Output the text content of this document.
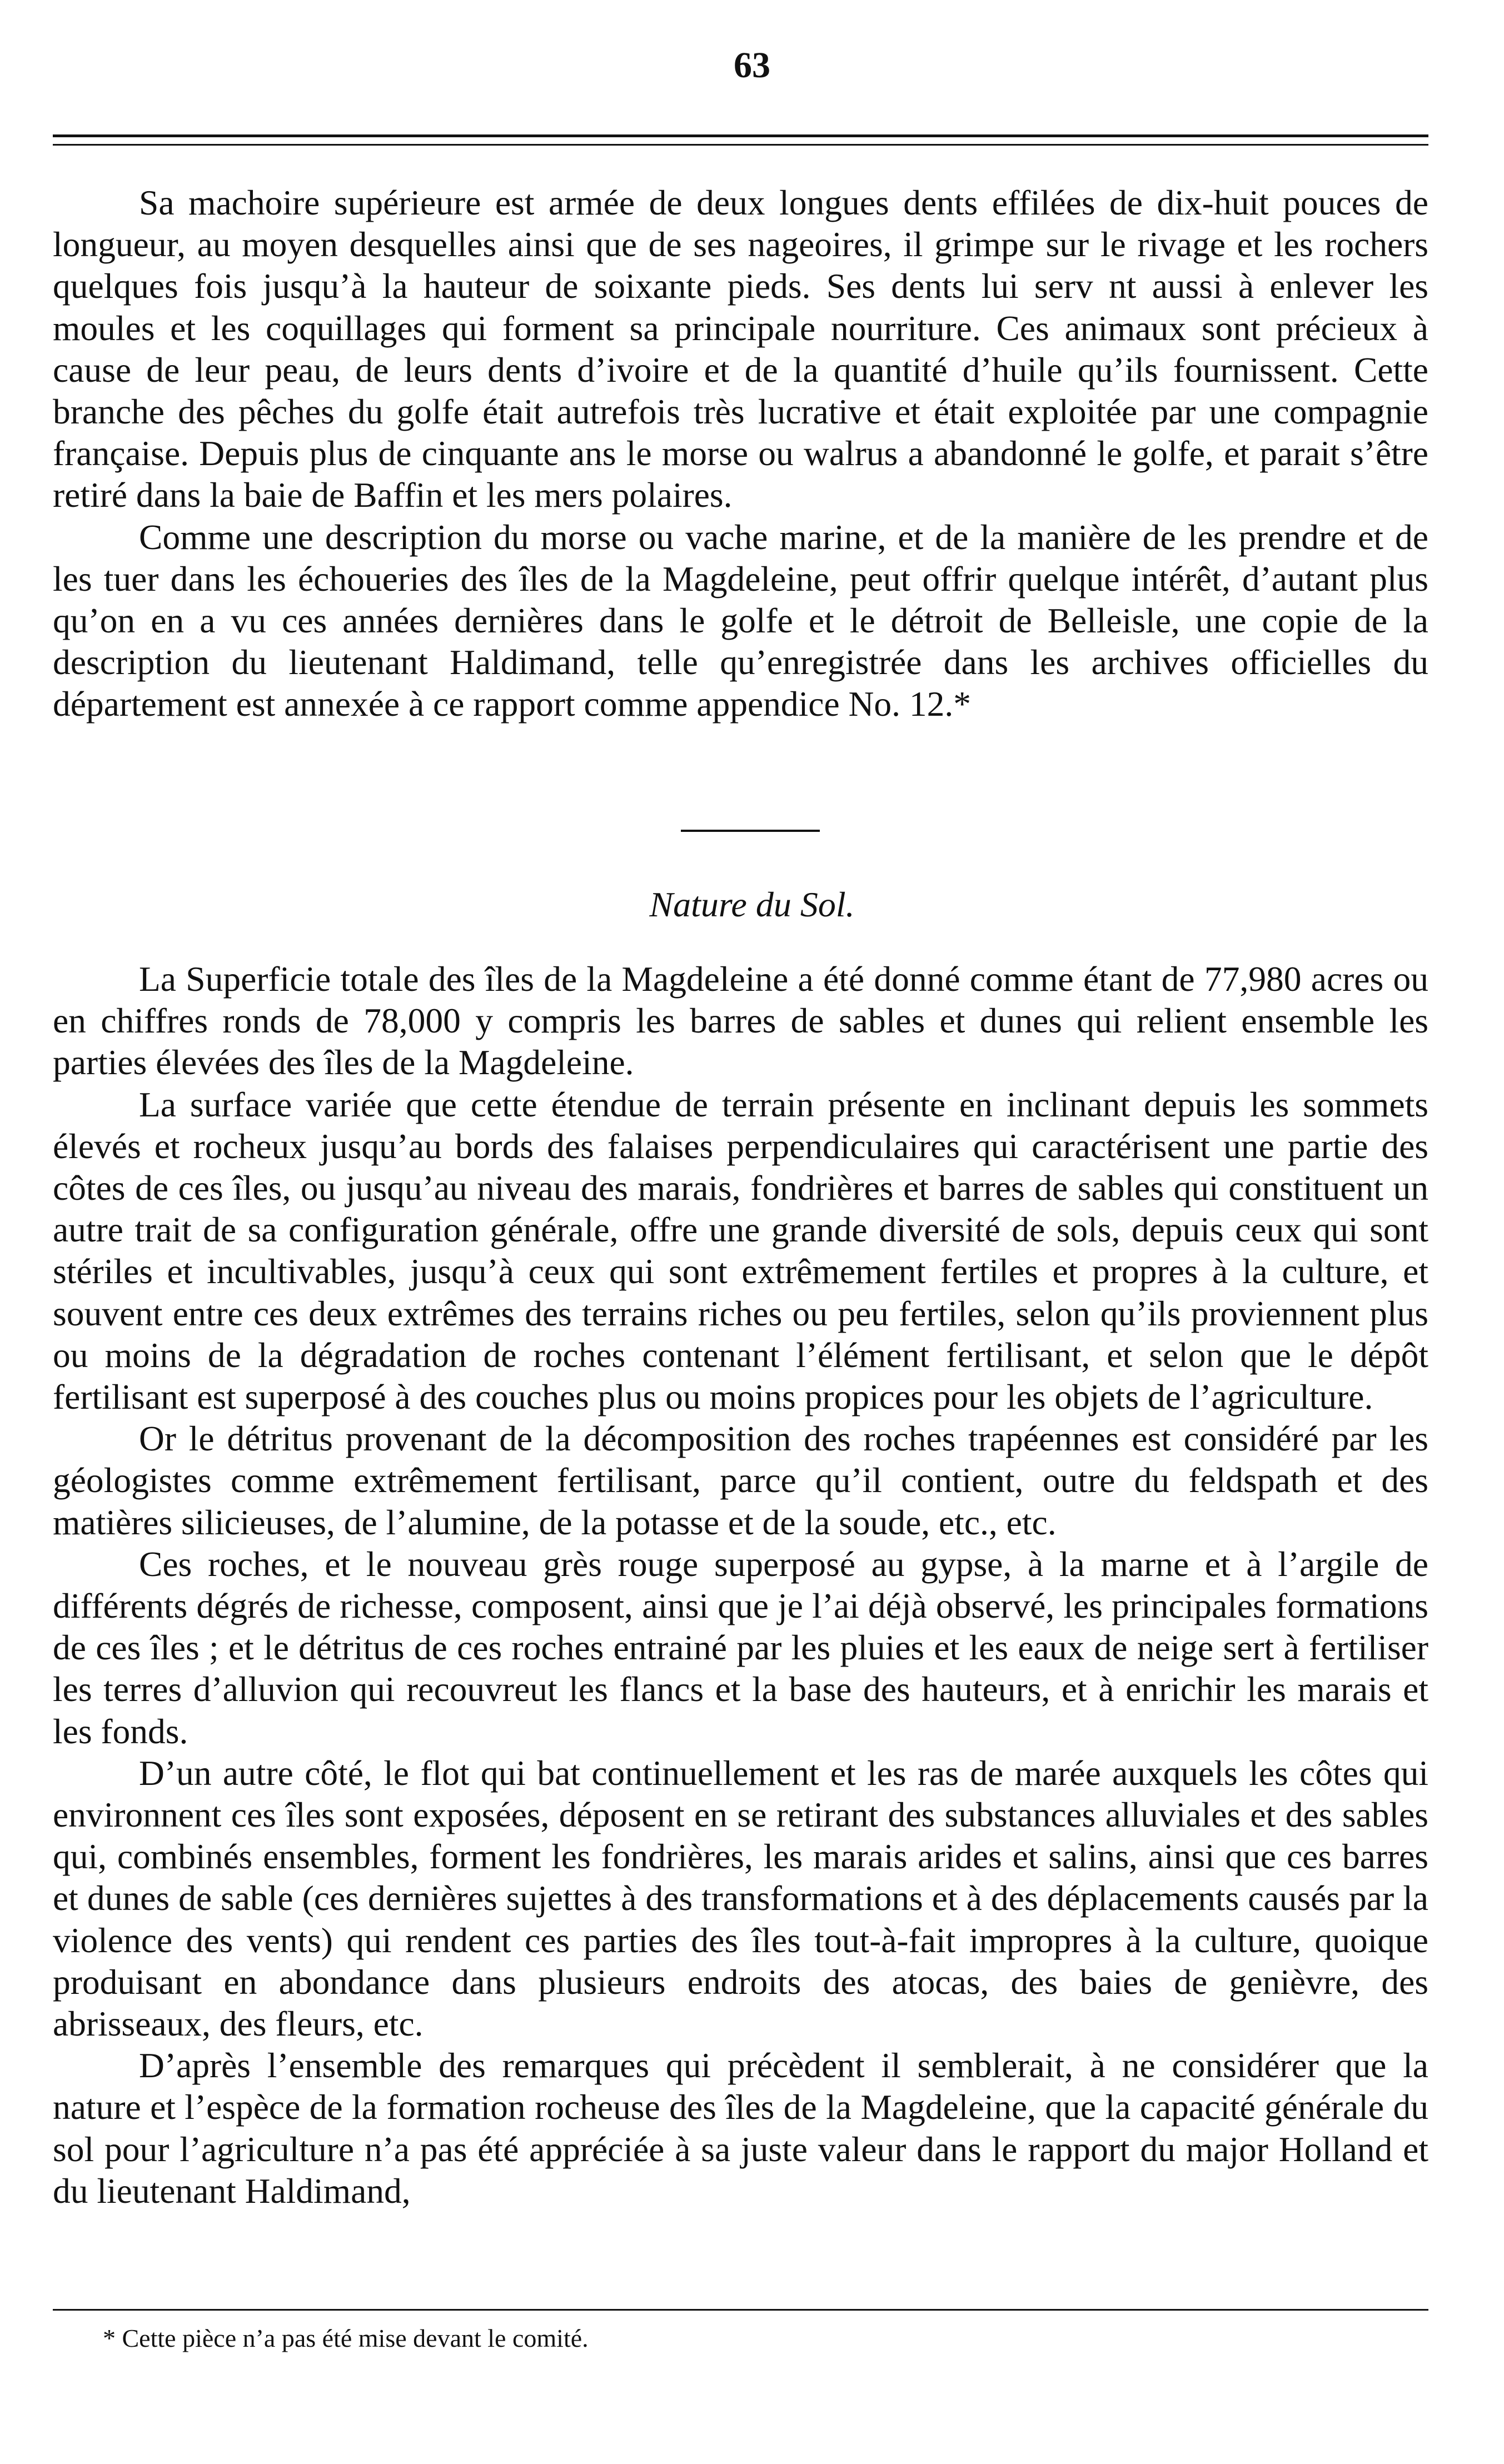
63

Sa machoire supérieure est armée de deux longues dents effilées de dix-huit pouces de longueur, au moyen desquelles ainsi que de ses nageoires, il grimpe sur le rivage et les rochers quelques fois jusqu’à la hauteur de soixante pieds. Ses dents lui serv nt aussi à enlever les moules et les coquillages qui forment sa principale nourriture. Ces animaux sont précieux à cause de leur peau, de leurs dents d’ivoire et de la quantité d’huile qu’ils fournissent. Cette branche des pêches du golfe était autrefois très lucrative et était exploitée par une compagnie française. Depuis plus de cinquante ans le morse ou walrus a abandonné le golfe, et parait s’être retiré dans la baie de Baffin et les mers polaires.

Comme une description du morse ou vache marine, et de la manière de les prendre et de les tuer dans les échoueries des îles de la Magdeleine, peut offrir quelque intérêt, d’autant plus qu’on en a vu ces années dernières dans le golfe et le détroit de Belleisle, une copie de la description du lieutenant Haldimand, telle qu’enregistrée dans les archives officielles du département est annexée à ce rapport comme appendice No. 12.*

Nature du Sol.

La Superficie totale des îles de la Magdeleine a été donné comme étant de 77,980 acres ou en chiffres ronds de 78,000 y compris les barres de sables et dunes qui relient ensemble les parties élevées des îles de la Magdeleine.

La surface variée que cette étendue de terrain présente en inclinant depuis les sommets élevés et rocheux jusqu’au bords des falaises perpendiculaires qui caractérisent une partie des côtes de ces îles, ou jusqu’au niveau des marais, fondrières et barres de sables qui constituent un autre trait de sa configuration générale, offre une grande diversité de sols, depuis ceux qui sont stériles et incultivables, jusqu’à ceux qui sont extrêmement fertiles et propres à la culture, et souvent entre ces deux extrêmes des terrains riches ou peu fertiles, selon qu’ils proviennent plus ou moins de la dégradation de roches contenant l’élément fertilisant, et selon que le dépôt fertilisant est superposé à des couches plus ou moins propices pour les objets de l’agriculture.

Or le détritus provenant de la décomposition des roches trapéennes est considéré par les géologistes comme extrêmement fertilisant, parce qu’il contient, outre du feldspath et des matières silicieuses, de l’alumine, de la potasse et de la soude, etc., etc.

Ces roches, et le nouveau grès rouge superposé au gypse, à la marne et à l’argile de différents dégrés de richesse, composent, ainsi que je l’ai déjà observé, les principales formations de ces îles ; et le détritus de ces roches entrainé par les pluies et les eaux de neige sert à fertiliser les terres d’alluvion qui recouvreut les flancs et la base des hauteurs, et à enrichir les marais et les fonds.

D’un autre côté, le flot qui bat continuellement et les ras de marée auxquels les côtes qui environnent ces îles sont exposées, déposent en se retirant des substances alluviales et des sables qui, combinés ensembles, forment les fondrières, les marais arides et salins, ainsi que ces barres et dunes de sable (ces dernières sujettes à des transformations et à des déplacements causés par la violence des vents) qui rendent ces parties des îles tout-à-fait impropres à la culture, quoique produisant en abondance dans plusieurs endroits des atocas, des baies de genièvre, des abrisseaux, des fleurs, etc.

D’après l’ensemble des remarques qui précèdent il semblerait, à ne considérer que la nature et l’espèce de la formation rocheuse des îles de la Magdeleine, que la capacité générale du sol pour l’agriculture n’a pas été appréciée à sa juste valeur dans le rapport du major Holland et du lieutenant Haldimand,

* Cette pièce n’a pas été mise devant le comité.
